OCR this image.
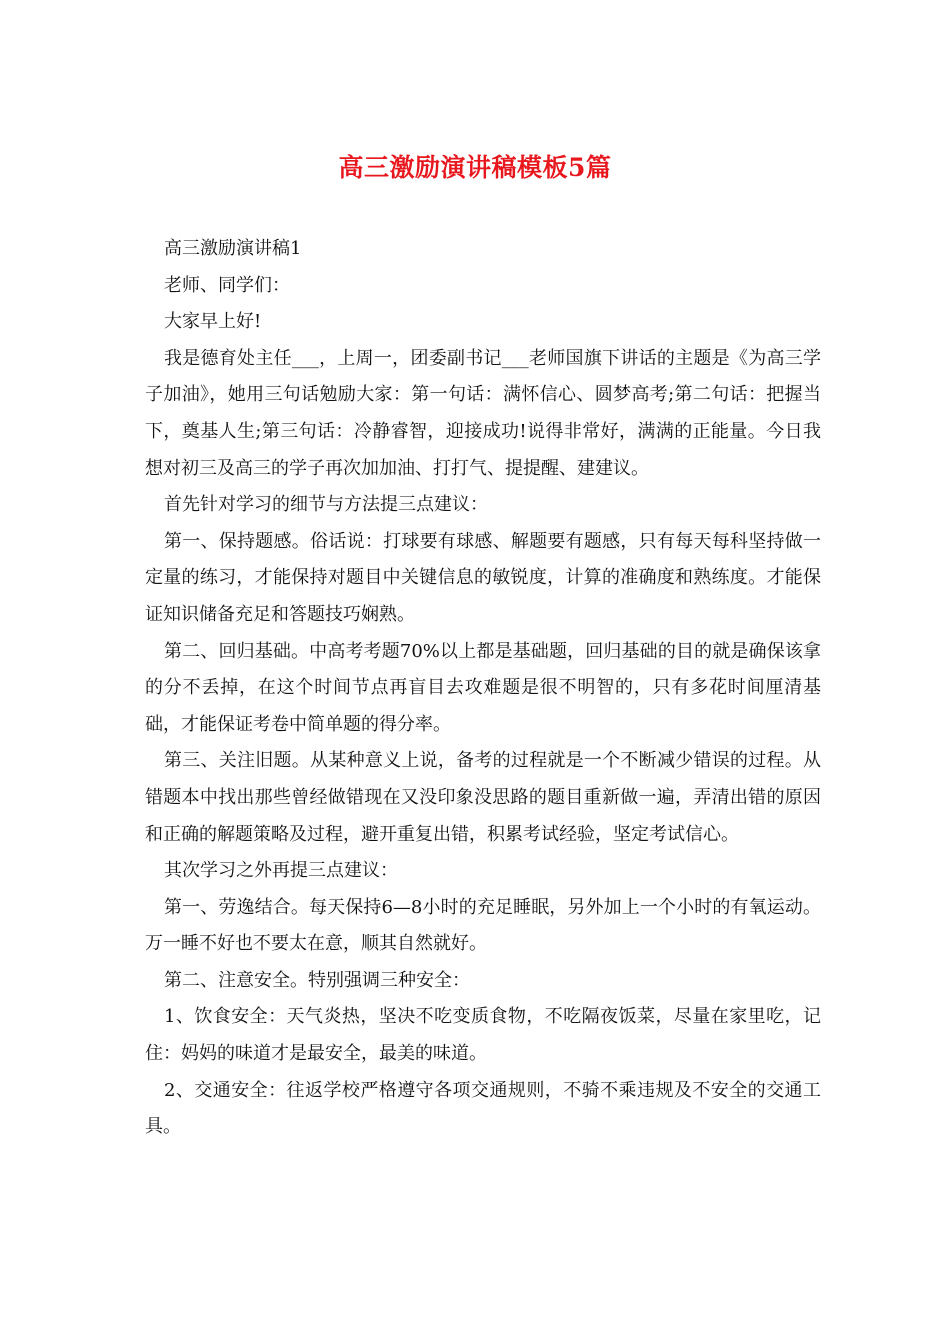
高三激励演讲稿模板5篇

高三激励演讲稿1

老师、同学们：

大家早上好!

我是德育处主任___，上周一，团委副书记___老师国旗下讲话的主题是《为高三学子加油》，她用三句话勉励大家：第一句话：满怀信心、圆梦高考;第二句话：把握当下，奠基人生;第三句话：冷静睿智，迎接成功!说得非常好，满满的正能量。今日我想对初三及高三的学子再次加加油、打打气、提提醒、建建议。

首先针对学习的细节与方法提三点建议：

第一、保持题感。俗话说：打球要有球感、解题要有题感，只有每天每科坚持做一定量的练习，才能保持对题目中关键信息的敏锐度，计算的准确度和熟练度。才能保证知识储备充足和答题技巧娴熟。

第二、回归基础。中高考考题70%以上都是基础题，回归基础的目的就是确保该拿的分不丢掉，在这个时间节点再盲目去攻难题是很不明智的，只有多花时间厘清基础，才能保证考卷中简单题的得分率。

第三、关注旧题。从某种意义上说，备考的过程就是一个不断减少错误的过程。从错题本中找出那些曾经做错现在又没印象没思路的题目重新做一遍，弄清出错的原因和正确的解题策略及过程，避开重复出错，积累考试经验，坚定考试信心。

其次学习之外再提三点建议：

第一、劳逸结合。每天保持6—8小时的充足睡眠，另外加上一个小时的有氧运动。万一睡不好也不要太在意，顺其自然就好。

第二、注意安全。特别强调三种安全：

1、饮食安全：天气炎热，坚决不吃变质食物，不吃隔夜饭菜，尽量在家里吃，记住：妈妈的味道才是最安全，最美的味道。

2、交通安全：往返学校严格遵守各项交通规则，不骑不乘违规及不安全的交通工具。
